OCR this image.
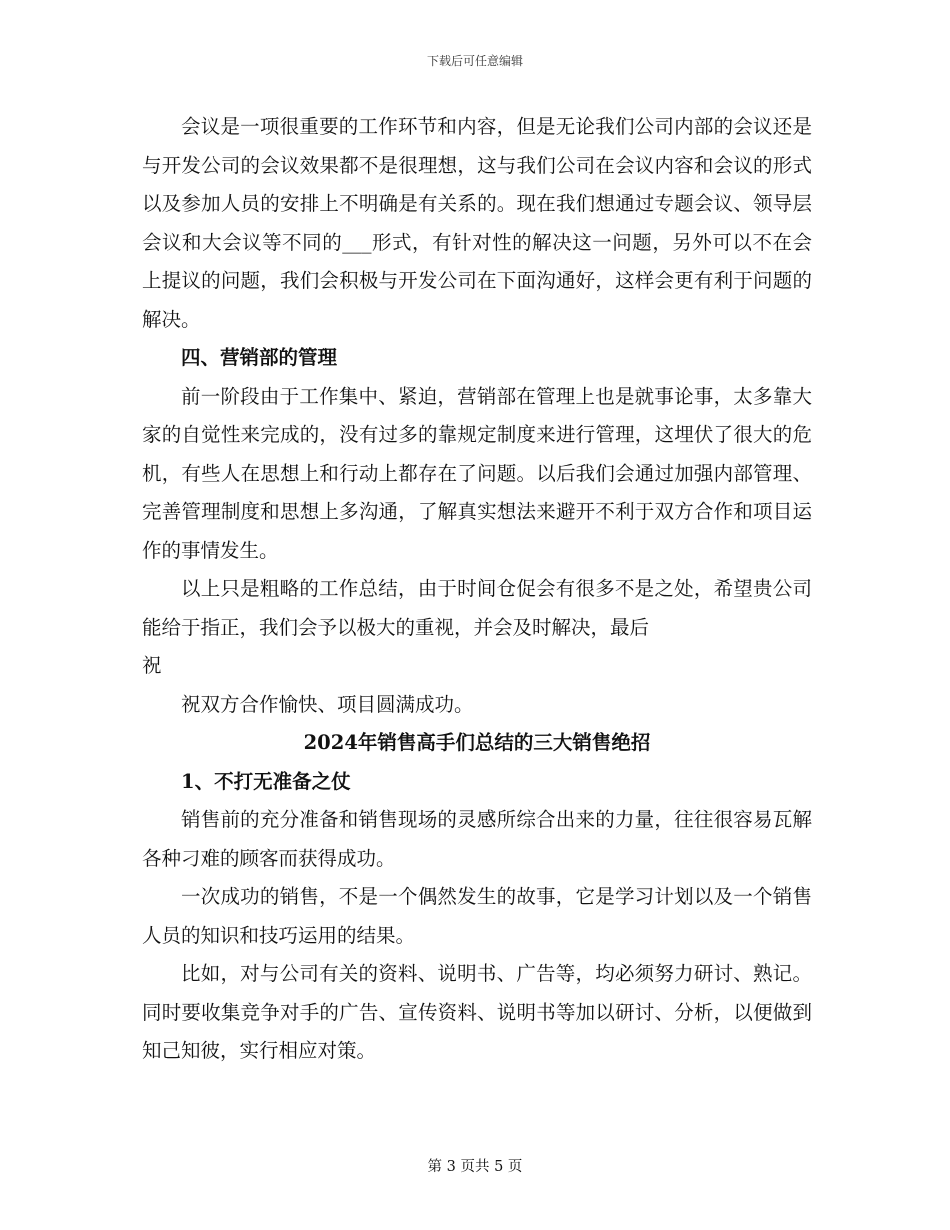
下载后可任意编辑

会议是一项很重要的工作环节和内容，但是无论我们公司内部的会议还是与开发公司的会议效果都不是很理想，这与我们公司在会议内容和会议的形式以及参加人员的安排上不明确是有关系的。现在我们想通过专题会议、领导层会议和大会议等不同的___形式，有针对性的解决这一问题，另外可以不在会上提议的问题，我们会积极与开发公司在下面沟通好，这样会更有利于问题的解决。

四、营销部的管理

前一阶段由于工作集中、紧迫，营销部在管理上也是就事论事，太多靠大家的自觉性来完成的，没有过多的靠规定制度来进行管理，这埋伏了很大的危机，有些人在思想上和行动上都存在了问题。以后我们会通过加强内部管理、完善管理制度和思想上多沟通，了解真实想法来避开不利于双方合作和项目运作的事情发生。

以上只是粗略的工作总结，由于时间仓促会有很多不是之处，希望贵公司能给于指正，我们会予以极大的重视，并会及时解决，最后
祝

祝双方合作愉快、项目圆满成功。

2024年销售高手们总结的三大销售绝招

1、不打无准备之仗

销售前的充分准备和销售现场的灵感所综合出来的力量，往往很容易瓦解各种刁难的顾客而获得成功。

一次成功的销售，不是一个偶然发生的故事，它是学习计划以及一个销售人员的知识和技巧运用的结果。

比如，对与公司有关的资料、说明书、广告等，均必须努力研讨、熟记。同时要收集竞争对手的广告、宣传资料、说明书等加以研讨、分析，以便做到知己知彼，实行相应对策。

第 3 页共 5 页
